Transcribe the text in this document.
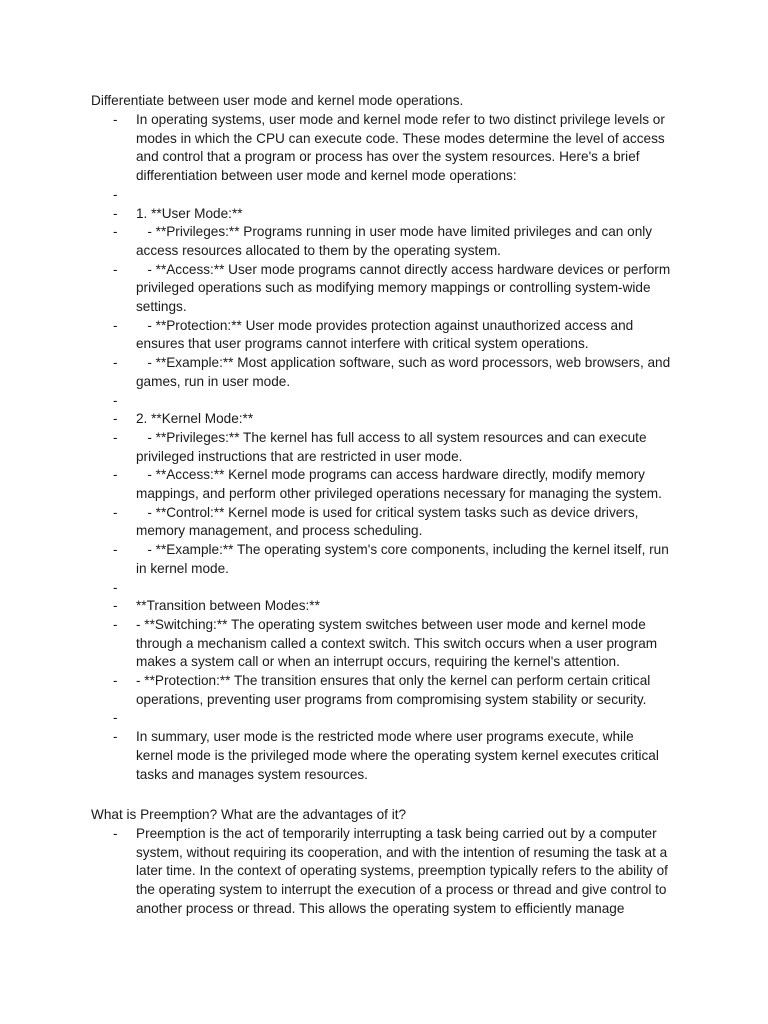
Differentiate between user mode and kernel mode operations.
- In operating systems, user mode and kernel mode refer to two distinct privilege levels or modes in which the CPU can execute code. These modes determine the level of access and control that a program or process has over the system resources. Here's a brief differentiation between user mode and kernel mode operations:
-
- 1. **User Mode:**
- - **Privileges:** Programs running in user mode have limited privileges and can only access resources allocated to them by the operating system.
- - **Access:** User mode programs cannot directly access hardware devices or perform privileged operations such as modifying memory mappings or controlling system-wide settings.
- - **Protection:** User mode provides protection against unauthorized access and ensures that user programs cannot interfere with critical system operations.
- - **Example:** Most application software, such as word processors, web browsers, and games, run in user mode.
-
- 2. **Kernel Mode:**
- - **Privileges:** The kernel has full access to all system resources and can execute privileged instructions that are restricted in user mode.
- - **Access:** Kernel mode programs can access hardware directly, modify memory mappings, and perform other privileged operations necessary for managing the system.
- - **Control:** Kernel mode is used for critical system tasks such as device drivers, memory management, and process scheduling.
- - **Example:** The operating system's core components, including the kernel itself, run in kernel mode.
-
- **Transition between Modes:**
- - **Switching:** The operating system switches between user mode and kernel mode through a mechanism called a context switch. This switch occurs when a user program makes a system call or when an interrupt occurs, requiring the kernel's attention.
- - **Protection:** The transition ensures that only the kernel can perform certain critical operations, preventing user programs from compromising system stability or security.
-
- In summary, user mode is the restricted mode where user programs execute, while kernel mode is the privileged mode where the operating system kernel executes critical tasks and manages system resources.
What is Preemption? What are the advantages of it?
- Preemption is the act of temporarily interrupting a task being carried out by a computer system, without requiring its cooperation, and with the intention of resuming the task at a later time. In the context of operating systems, preemption typically refers to the ability of the operating system to interrupt the execution of a process or thread and give control to another process or thread. This allows the operating system to efficiently manage
